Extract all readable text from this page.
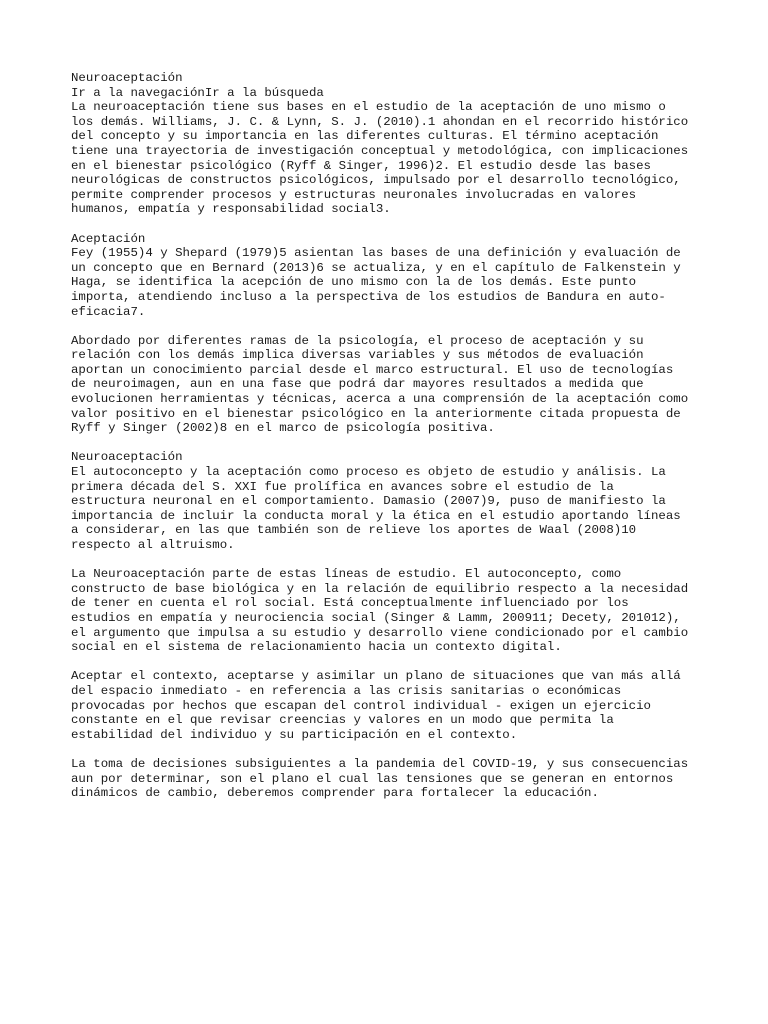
Neuroaceptación
Ir a la navegaciónIr a la búsqueda
La neuroaceptación tiene sus bases en el estudio de la aceptación de uno mismo o
los demás. Williams, J. C. & Lynn, S. J. (2010).1 ahondan en el recorrido histórico
del concepto y su importancia en las diferentes culturas. El término aceptación
tiene una trayectoria de investigación conceptual y metodológica, con implicaciones
en el bienestar psicológico (Ryff & Singer, 1996)2. El estudio desde las bases
neurológicas de constructos psicológicos, impulsado por el desarrollo tecnológico,
permite comprender procesos y estructuras neuronales involucradas en valores
humanos, empatía y responsabilidad social3.
Aceptación
Fey (1955)4 y Shepard (1979)5 asientan las bases de una definición y evaluación de
un concepto que en Bernard (2013)6 se actualiza, y en el capítulo de Falkenstein y
Haga, se identifica la acepción de uno mismo con la de los demás. Este punto
importa, atendiendo incluso a la perspectiva de los estudios de Bandura en auto-
eficacia7.
Abordado por diferentes ramas de la psicología, el proceso de aceptación y su
relación con los demás implica diversas variables y sus métodos de evaluación
aportan un conocimiento parcial desde el marco estructural. El uso de tecnologías
de neuroimagen, aun en una fase que podrá dar mayores resultados a medida que
evolucionen herramientas y técnicas, acerca a una comprensión de la aceptación como
valor positivo en el bienestar psicológico en la anteriormente citada propuesta de
Ryff y Singer (2002)8 en el marco de psicología positiva.
Neuroaceptación
El autoconcepto y la aceptación como proceso es objeto de estudio y análisis. La
primera década del S. XXI fue prolífica en avances sobre el estudio de la
estructura neuronal en el comportamiento. Damasio (2007)9, puso de manifiesto la
importancia de incluir la conducta moral y la ética en el estudio aportando líneas
a considerar, en las que también son de relieve los aportes de Waal (2008)10
respecto al altruismo.
La Neuroaceptación parte de estas líneas de estudio. El autoconcepto, como
constructo de base biológica y en la relación de equilibrio respecto a la necesidad
de tener en cuenta el rol social. Está conceptualmente influenciado por los
estudios en empatía y neurociencia social (Singer & Lamm, 200911; Decety, 201012),
el argumento que impulsa a su estudio y desarrollo viene condicionado por el cambio
social en el sistema de relacionamiento hacia un contexto digital.
Aceptar el contexto, aceptarse y asimilar un plano de situaciones que van más allá
del espacio inmediato - en referencia a las crisis sanitarias o económicas
provocadas por hechos que escapan del control individual - exigen un ejercicio
constante en el que revisar creencias y valores en un modo que permita la
estabilidad del individuo y su participación en el contexto.
La toma de decisiones subsiguientes a la pandemia del COVID-19, y sus consecuencias
aun por determinar, son el plano el cual las tensiones que se generan en entornos
dinámicos de cambio, deberemos comprender para fortalecer la educación.
